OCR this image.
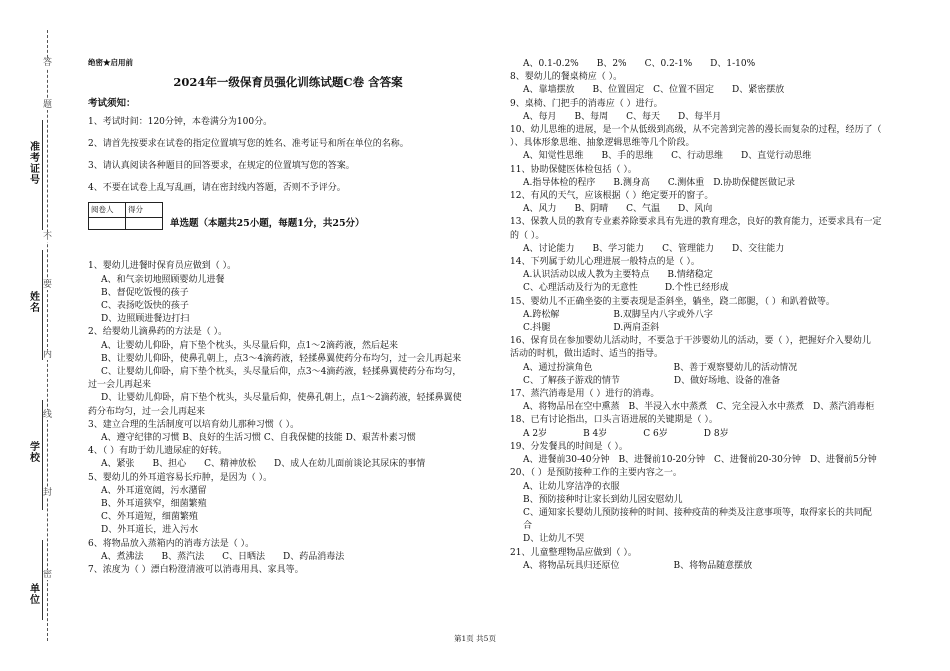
答
题
不
要
内
线
封
密
准考证号
姓名
学校
单位
绝密★启用前
2024年一级保育员强化训练试题C卷 含答案
考试须知：
1、考试时间：120分钟，本卷满分为100分。
2、请首先按要求在试卷的指定位置填写您的姓名、准考证号和所在单位的名称。
3、请认真阅读各种题目的回答要求，在规定的位置填写您的答案。
4、不要在试卷上乱写乱画，请在密封线内答题，否则不予评分。
阅卷人	得分

单选题（本题共25小题，每题1分，共25分）
1、婴幼儿进餐时保育员应做到（ ）。
A、和气亲切地照顾婴幼儿进餐
B、督促吃饭慢的孩子
C、表扬吃饭快的孩子
D、边照顾进餐边打扫
2、给婴幼儿滴鼻药的方法是（ ）。
A、让婴幼儿仰卧，肩下垫个枕头，头尽量后仰，点1～2滴药液，然后起来
B、让婴幼儿仰卧，使鼻孔朝上，点3～4滴药液，轻揉鼻翼使药分布均匀，过一会儿再起来
C、让婴幼儿仰卧，肩下垫个枕头，头尽量后仰，点3～4滴药液，轻揉鼻翼使药分布均匀，
过一会儿再起来
D、让婴幼儿仰卧，肩下垫个枕头，头尽量后仰，使鼻孔朝上，点1～2滴药液，轻揉鼻翼使
药分布均匀，过一会儿再起来
3、建立合理的生活制度可以培育幼儿那种习惯（ ）。
A、遵守纪律的习惯 B、良好的生活习惯 C、自我保健的技能 D、艰苦朴素习惯
4、（ ）有助于幼儿遗尿症的好转。
A、紧张　　B、担心　　C、精神放松　　D、成人在幼儿面前谈论其尿床的事情
5、婴幼儿的外耳道容易长疖肿，是因为（ ）。
A、外耳道宽阔，污水潴留
B、外耳道狭窄，细菌繁殖
C、外耳道短，细菌繁殖
D、外耳道长，进入污水
6、将物品放入蒸箱内的消毒方法是（ ）。
A、煮沸法　　B、蒸汽法　　C、日晒法　　D、药品消毒法
7、浓度为（ ）漂白粉澄清液可以消毒用具、家具等。
A、0.1-0.2%　　B、2%　　C、0.2-1%　　D、1-10%
8、婴幼儿的餐桌椅应（ ）。
A、靠墙摆放　　B、位置固定　C、位置不固定　　D、紧密摆放
9、桌椅、门把手的消毒应（ ）进行。
A、每月　　B、每周　　C、每天　　D、每半月
10、幼儿思维的进展，是一个从低级到高级，从不完善到完善的漫长而复杂的过程，经历了（
）、具体形象思维、抽象逻辑思维等几个阶段。
A、知觉性思维　　B、手的思维　　C、行动思维　　D、直觉行动思维
11、协助保健医体检包括（ ）。
A.指导体检的程序　　B.测身高　　C.测体重　D.协助保健医做记录
12、有风的天气，应该根据（ ）绝定要开的窗子。
A、风力　　B、阴晴　　C、气温　　D、风向
13、保教人员的教育专业素养除要求具有先进的教育理念，良好的教育能力，还要求具有一定
的（ ）。
A、讨论能力　　B、学习能力　　C、管理能力　　D、交往能力
14、下列属于幼儿心理进展一般特点的是（ ）。
A.认识活动以成人教为主要特点　　B.情绪稳定
C、心理活动及行为的无意性　　　D.个性已经形成
15、婴幼儿不正确坐姿的主要表现是歪斜坐，躺坐，跷二郎腿，（ ）和趴着做等。
A.跨松解　　　　　　B.双脚呈内八字或外八字
C.抖腿　　　　　　　D.两肩歪斜
16、保育员在参加婴幼儿活动时，不要急于干涉婴幼儿的活动，要（ ），把握好介入婴幼儿
活动的时机，做出适时、适当的指导。
A、通过扮演角色　　　　　　　　　B、善于观察婴幼儿的活动情况
C、了解孩子游戏的情节　　　　　　D、做好场地、设备的准备
17、蒸汽消毒是用（ ）进行的消毒。
A、将物品吊在空中熏蒸　B、半浸入水中蒸煮　C、完全浸入水中蒸煮　D、蒸汽消毒柜
18、已有讨论指出，口头言语进展的关键期是（ ）。
A 2岁　　　　B 4岁　　　　C 6岁　　　　D 8岁
19、分发餐具的时间是（ ）。
A、进餐前30-40分钟　B、进餐前10-20分钟　C、进餐前20-30分钟　D、进餐前5分钟
20、（ ）是预防接种工作的主要内容之一。
A、让幼儿穿洁净的衣服
B、预防接种时让家长到幼儿园安慰幼儿
C、通知家长婴幼儿预防接种的时间、接种疫苗的种类及注意事项等，取得家长的共同配
合
D、让幼儿不哭
21、儿童整理物品应做到（ ）。
A、将物品玩具归还原位　　　　　　B、将物品随意摆放
第1页 共5页
